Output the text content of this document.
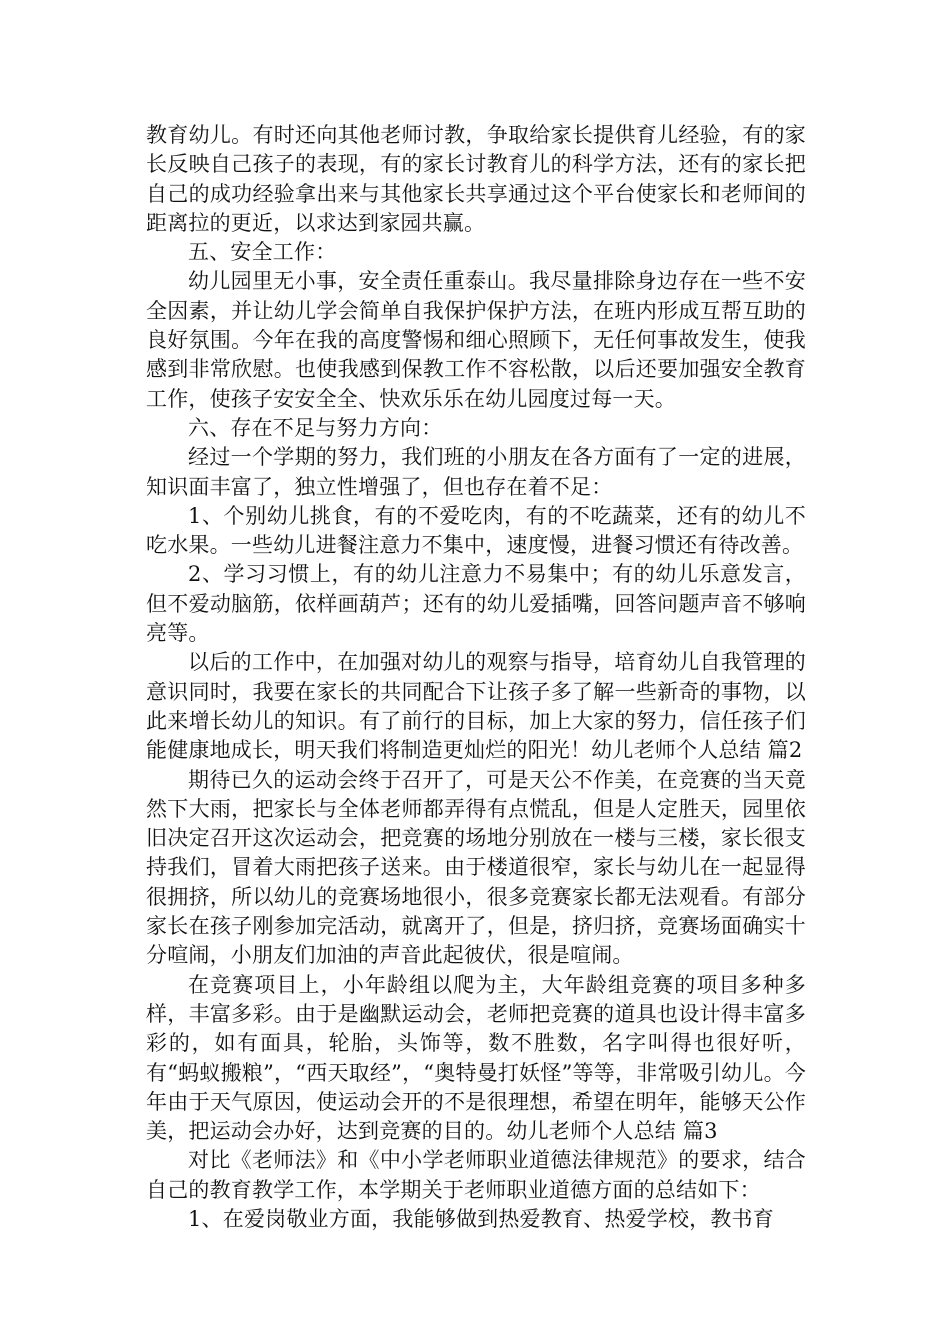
教育幼儿。有时还向其他老师讨教，争取给家长提供育儿经验，有的家长反映自己孩子的表现，有的家长讨教育儿的科学方法，还有的家长把自己的成功经验拿出来与其他家长共享通过这个平台使家长和老师间的距离拉的更近，以求达到家园共赢。

五、安全工作：

幼儿园里无小事，安全责任重泰山。我尽量排除身边存在一些不安全因素，并让幼儿学会简单自我保护保护方法，在班内形成互帮互助的良好氛围。今年在我的高度警惕和细心照顾下，无任何事故发生，使我感到非常欣慰。也使我感到保教工作不容松散，以后还要加强安全教育工作，使孩子安安全全、快欢乐乐在幼儿园度过每一天。

六、存在不足与努力方向：

经过一个学期的努力，我们班的小朋友在各方面有了一定的进展，知识面丰富了，独立性增强了，但也存在着不足：

1、个别幼儿挑食，有的不爱吃肉，有的不吃蔬菜，还有的幼儿不吃水果。一些幼儿进餐注意力不集中，速度慢，进餐习惯还有待改善。

2、学习习惯上，有的幼儿注意力不易集中；有的幼儿乐意发言，但不爱动脑筋，依样画葫芦；还有的幼儿爱插嘴，回答问题声音不够响亮等。

以后的工作中，在加强对幼儿的观察与指导，培育幼儿自我管理的意识同时，我要在家长的共同配合下让孩子多了解一些新奇的事物，以此来增长幼儿的知识。有了前行的目标，加上大家的努力，信任孩子们能健康地成长，明天我们将制造更灿烂的阳光！幼儿老师个人总结 篇2

期待已久的运动会终于召开了，可是天公不作美，在竞赛的当天竟然下大雨，把家长与全体老师都弄得有点慌乱，但是人定胜天，园里依旧决定召开这次运动会，把竞赛的场地分别放在一楼与三楼，家长很支持我们，冒着大雨把孩子送来。由于楼道很窄，家长与幼儿在一起显得很拥挤，所以幼儿的竞赛场地很小，很多竞赛家长都无法观看。有部分家长在孩子刚参加完活动，就离开了，但是，挤归挤，竞赛场面确实十分喧闹，小朋友们加油的声音此起彼伏，很是喧闹。

在竞赛项目上，小年龄组以爬为主，大年龄组竞赛的项目多种多样，丰富多彩。由于是幽默运动会，老师把竞赛的道具也设计得丰富多彩的，如有面具，轮胎，头饰等，数不胜数，名字叫得也很好听，有“蚂蚁搬粮”，“西天取经”，“奥特曼打妖怪”等等，非常吸引幼儿。今年由于天气原因，使运动会开的不是很理想，希望在明年，能够天公作美，把运动会办好，达到竞赛的目的。幼儿老师个人总结 篇3

对比《老师法》和《中小学老师职业道德法律规范》的要求，结合自己的教育教学工作，本学期关于老师职业道德方面的总结如下：

1、在爱岗敬业方面，我能够做到热爱教育、热爱学校，教书育
